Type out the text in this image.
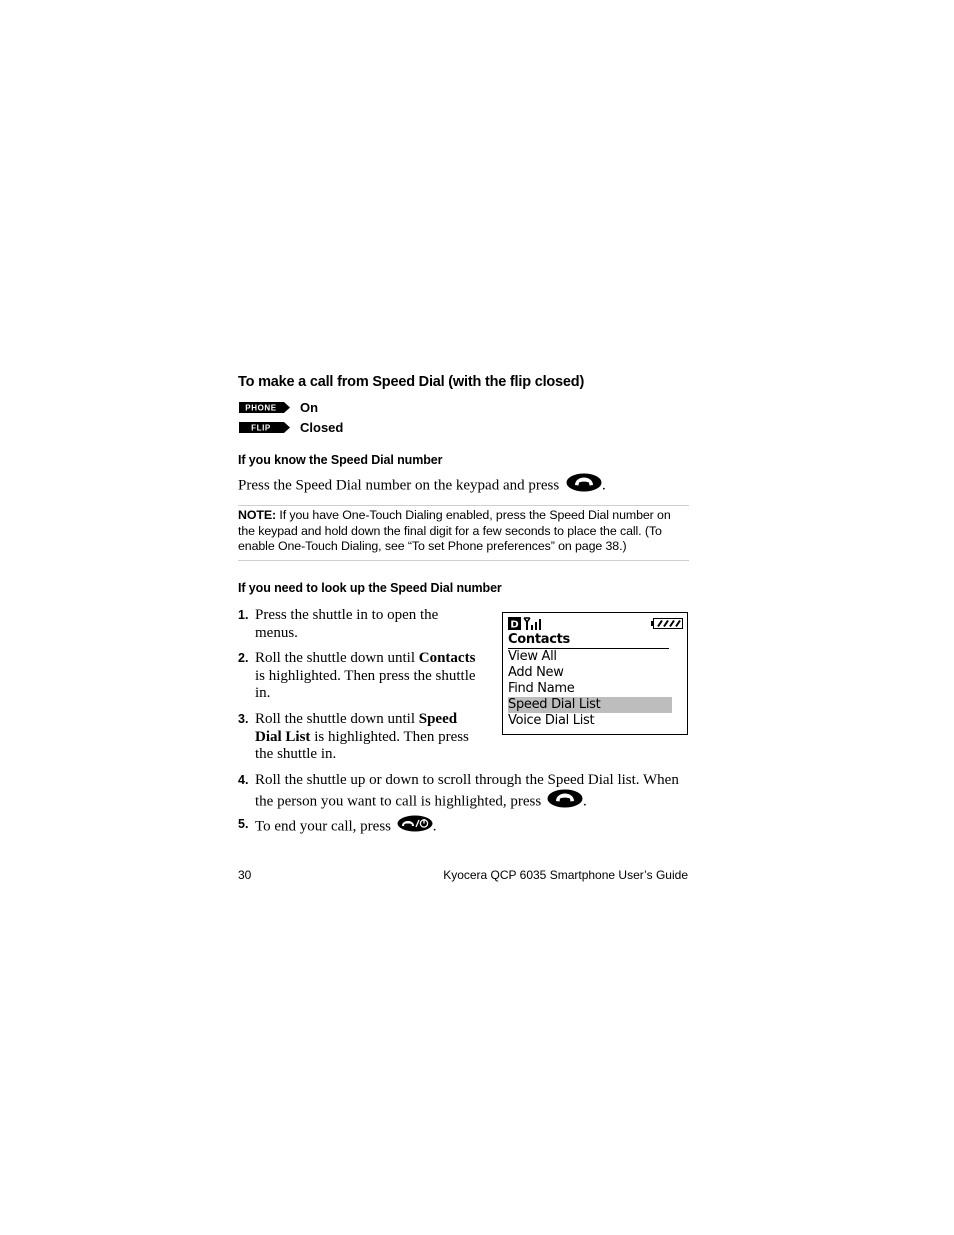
To make a call from Speed Dial (with the flip closed)
PHONE On
FLIP Closed
If you know the Speed Dial number
Press the Speed Dial number on the keypad and press	.
NOTE: If you have One-Touch Dialing enabled, press the Speed Dial number on the keypad and hold down the final digit for a few seconds to place the call. (To enable One-Touch Dialing, see “To set Phone preferences” on page 38.)
If you need to look up the Speed Dial number
1. Press the shuttle in to open the
menus.
2. Roll the shuttle down until Contacts is highlighted. Then press the shuttle in.
3. Roll the shuttle down until Speed Dial List is highlighted. Then press the shuttle in.
D
Contacts
View All
Add New
Find Name
Speed Dial List
Voice Dial List
4. Roll the shuttle up or down to scroll through the Speed Dial list. When the person you want to call is highlighted, press	.
5. To end your call, press	.
30	Kyocera QCP 6035 Smartphone User’s Guide
